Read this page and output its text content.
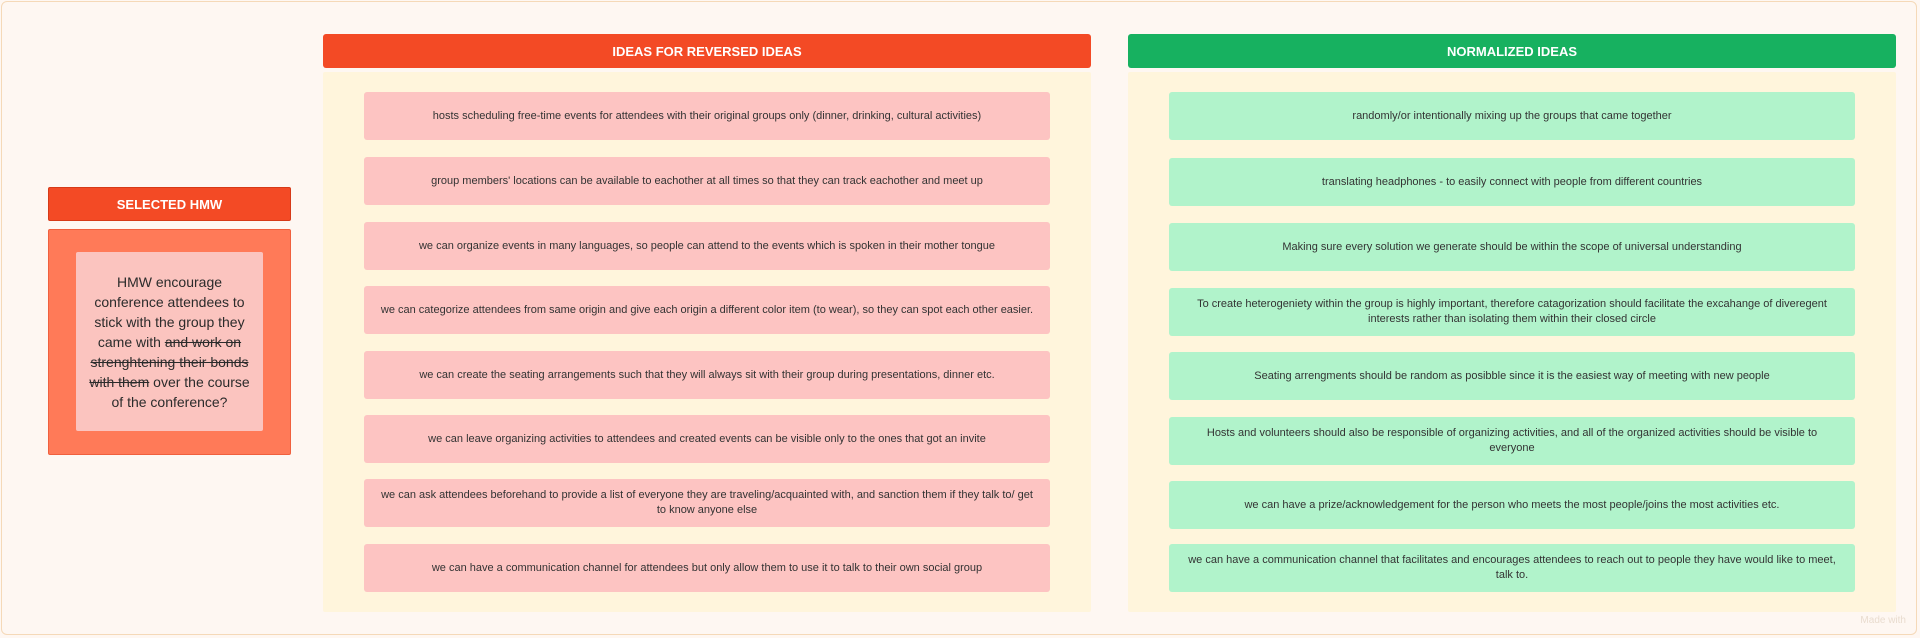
SELECTED HMW
HMW encourage conference attendees to stick with the group they came with and work on strenghtening their bonds with them over the course of the conference?
IDEAS FOR REVERSED IDEAS
hosts scheduling free-time events for attendees with their original groups only (dinner, drinking, cultural activities)
group members' locations can be available to eachother at all times so that they can track eachother and meet up
we can organize events in many languages, so people can attend to the events which is spoken in their mother tongue
we can categorize attendees from same origin and give each origin a different color item (to wear), so they can spot each other easier.
we can create the seating arrangements such that they will always sit with their group during presentations, dinner etc.
we can leave organizing activities to attendees and created events can be visible only to the ones that got an invite
we can ask attendees beforehand to provide a list of everyone they are traveling/acquainted with, and sanction them if they talk to/ get to know anyone else
we can have a communication channel for attendees but only allow them to use it to talk to their own social group
NORMALIZED IDEAS
randomly/or intentionally mixing up the groups that came together
translating headphones - to easily connect with people from different countries
Making sure every solution we generate should be within the scope of universal understanding
To create heterogeniety within the group is highly important, therefore catagorization should facilitate the excahange of diveregent interests rather than isolating them within their closed circle
Seating arrengments should be random as posibble since it is the easiest way of meeting with new people
Hosts and volunteers should also be responsible of organizing activities, and all of the organized activities should be visible to everyone
we can have a prize/acknowledgement for the person who meets the most people/joins the most activities etc.
we can have a communication channel that facilitates and encourages attendees to reach out to people they have would like to meet, talk to.
Made with
